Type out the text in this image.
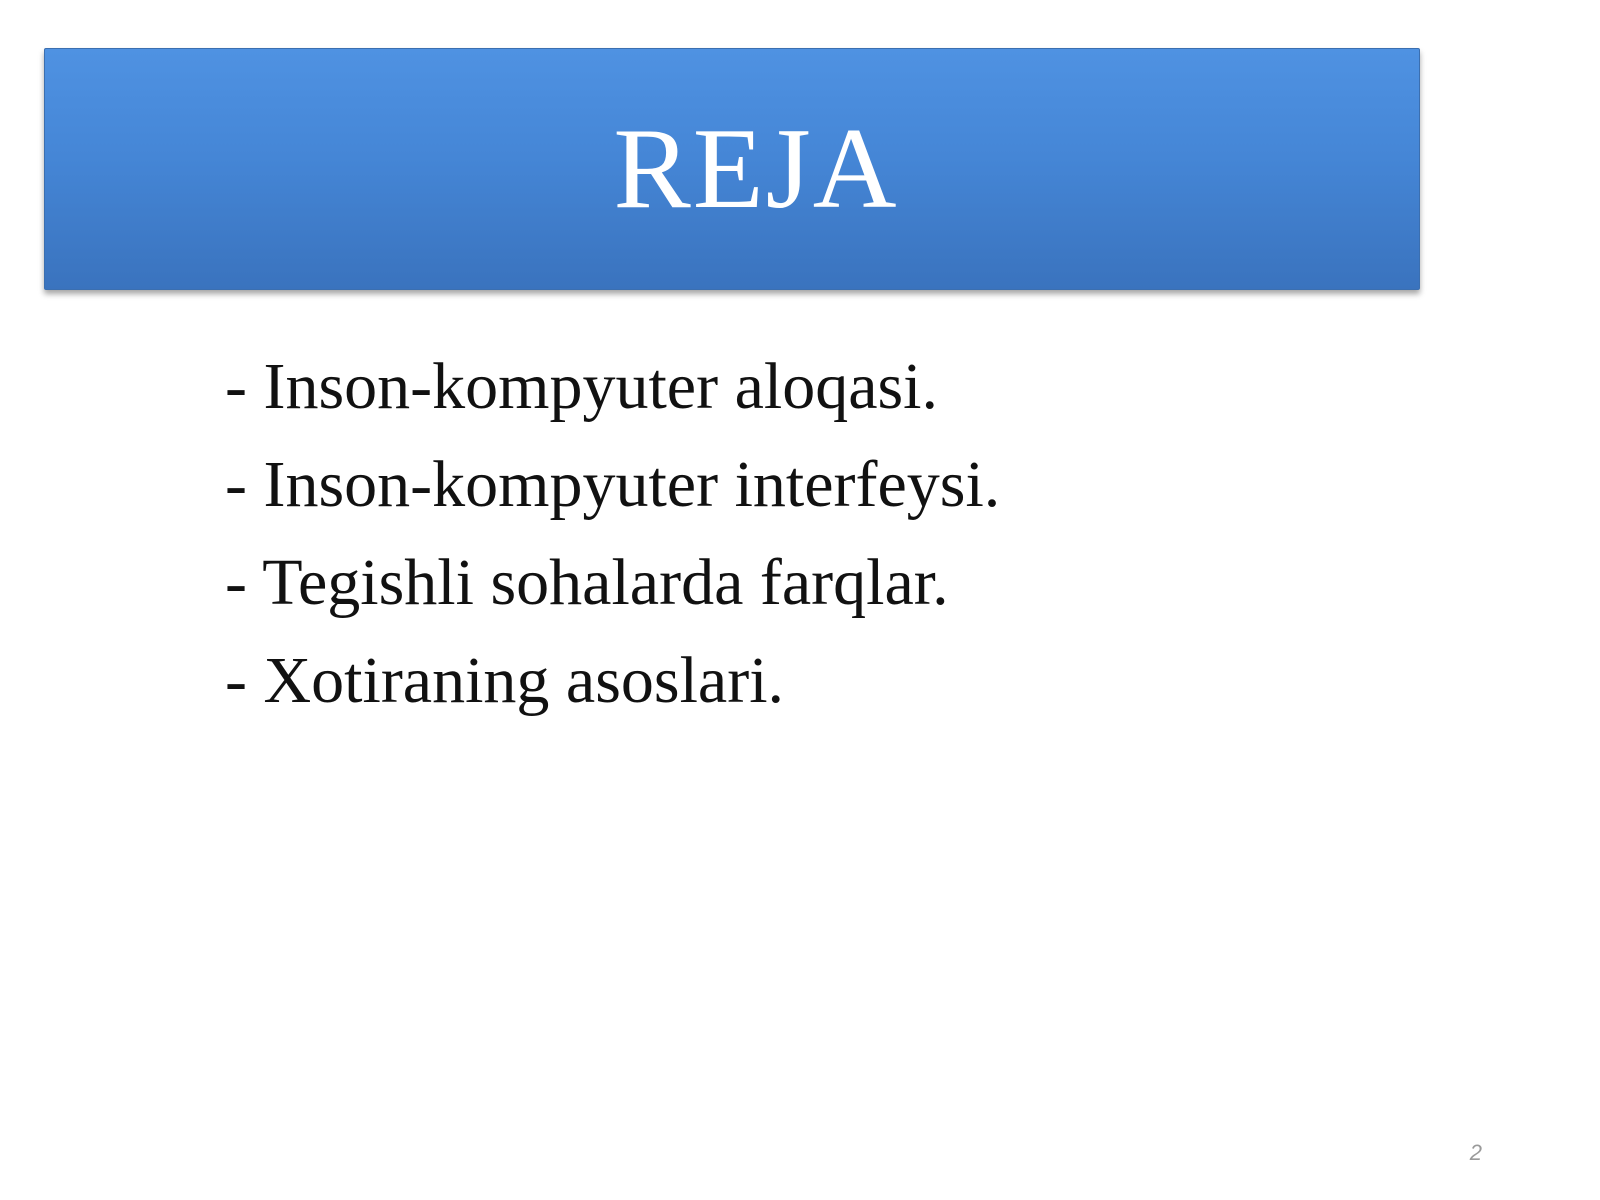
REJA
- Inson-kompyuter aloqasi.
- Inson-kompyuter interfeysi.
- Tegishli sohalarda farqlar.
- Xotiraning asoslari.
2
